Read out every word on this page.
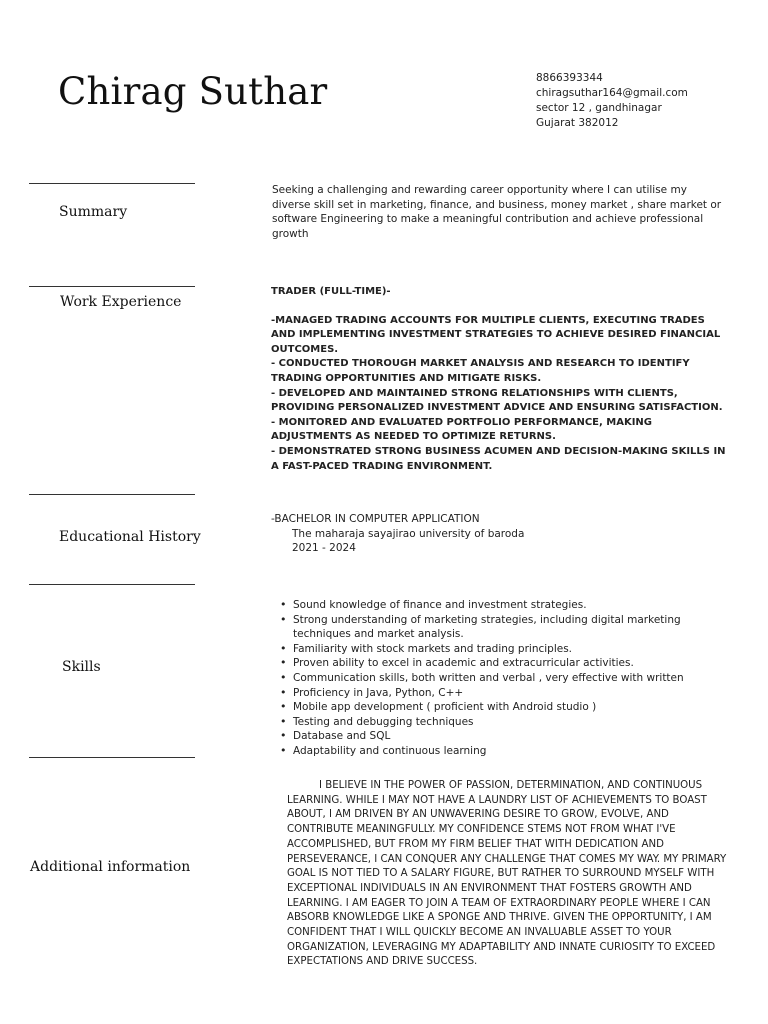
Chirag Suthar	8866393344
chiragsuthar164@gmail.com
sector 12 , gandhinagar
Gujarat 382012
Summary
Seeking a challenging and rewarding career opportunity where I can utilise my
diverse skill set in marketing, finance, and business, money market , share market or
software Engineering to make a meaningful contribution and achieve professional
growth
Work Experience
TRADER (FULL-TIME)-
-MANAGED TRADING ACCOUNTS FOR MULTIPLE CLIENTS, EXECUTING TRADES
AND IMPLEMENTING INVESTMENT STRATEGIES TO ACHIEVE DESIRED FINANCIAL
OUTCOMES.
- CONDUCTED THOROUGH MARKET ANALYSIS AND RESEARCH TO IDENTIFY
TRADING OPPORTUNITIES AND MITIGATE RISKS.
- DEVELOPED AND MAINTAINED STRONG RELATIONSHIPS WITH CLIENTS,
PROVIDING PERSONALIZED INVESTMENT ADVICE AND ENSURING SATISFACTION.
- MONITORED AND EVALUATED PORTFOLIO PERFORMANCE, MAKING
ADJUSTMENTS AS NEEDED TO OPTIMIZE RETURNS.
- DEMONSTRATED STRONG BUSINESS ACUMEN AND DECISION-MAKING SKILLS IN
A FAST-PACED TRADING ENVIRONMENT.
Educational History
-BACHELOR IN COMPUTER APPLICATION
The maharaja sayajirao university of baroda
2021 - 2024
Skills
• Sound knowledge of finance and investment strategies.
• Strong understanding of marketing strategies, including digital marketing techniques and market analysis.
• Familiarity with stock markets and trading principles.
• Proven ability to excel in academic and extracurricular activities.
• Communication skills, both written and verbal , very effective with written
• Proficiency in Java, Python, C++
• Mobile app development ( proficient with Android studio )
• Testing and debugging techniques
• Database and SQL
• Adaptability and continuous learning
Additional information
I BELIEVE IN THE POWER OF PASSION, DETERMINATION, AND CONTINUOUS LEARNING. WHILE I MAY NOT HAVE A LAUNDRY LIST OF ACHIEVEMENTS TO BOAST ABOUT, I AM DRIVEN BY AN UNWAVERING DESIRE TO GROW, EVOLVE, AND CONTRIBUTE MEANINGFULLY. MY CONFIDENCE STEMS NOT FROM WHAT I'VE ACCOMPLISHED, BUT FROM MY FIRM BELIEF THAT WITH DEDICATION AND PERSEVERANCE, I CAN CONQUER ANY CHALLENGE THAT COMES MY WAY. MY PRIMARY GOAL IS NOT TIED TO A SALARY FIGURE, BUT RATHER TO SURROUND MYSELF WITH EXCEPTIONAL INDIVIDUALS IN AN ENVIRONMENT THAT FOSTERS GROWTH AND LEARNING. I AM EAGER TO JOIN A TEAM OF EXTRAORDINARY PEOPLE WHERE I CAN ABSORB KNOWLEDGE LIKE A SPONGE AND THRIVE. GIVEN THE OPPORTUNITY, I AM CONFIDENT THAT I WILL QUICKLY BECOME AN INVALUABLE ASSET TO YOUR ORGANIZATION, LEVERAGING MY ADAPTABILITY AND INNATE CURIOSITY TO EXCEED EXPECTATIONS AND DRIVE SUCCESS.
